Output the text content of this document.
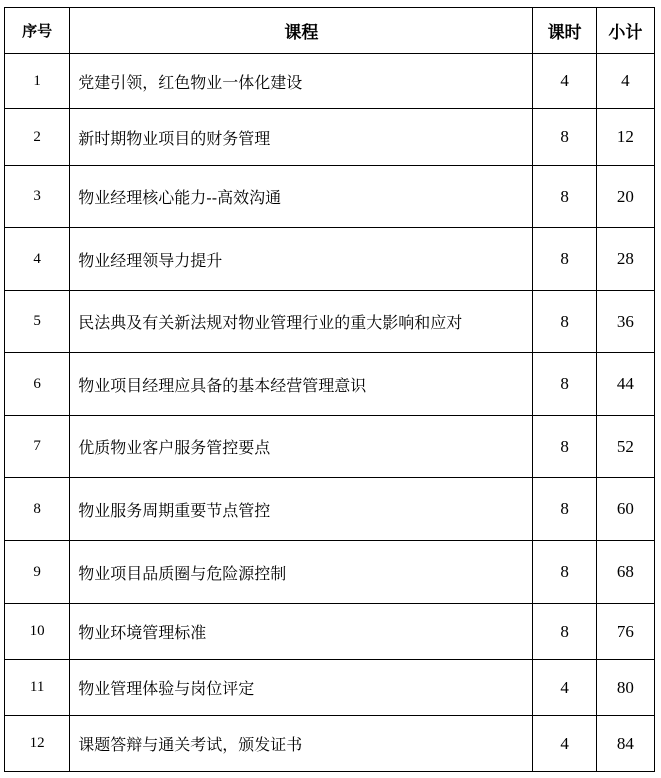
序号	课程	课时	小计
1	党建引领，红色物业一体化建设	4	4
2	新时期物业项目的财务管理	8	12
3	物业经理核心能力--高效沟通	8	20
4	物业经理领导力提升	8	28
5	民法典及有关新法规对物业管理行业的重大影响和应对	8	36
6	物业项目经理应具备的基本经营管理意识	8	44
7	优质物业客户服务管控要点	8	52
8	物业服务周期重要节点管控	8	60
9	物业项目品质圈与危险源控制	8	68
10	物业环境管理标准	8	76
11	物业管理体验与岗位评定	4	80
12	课题答辩与通关考试，颁发证书	4	84
